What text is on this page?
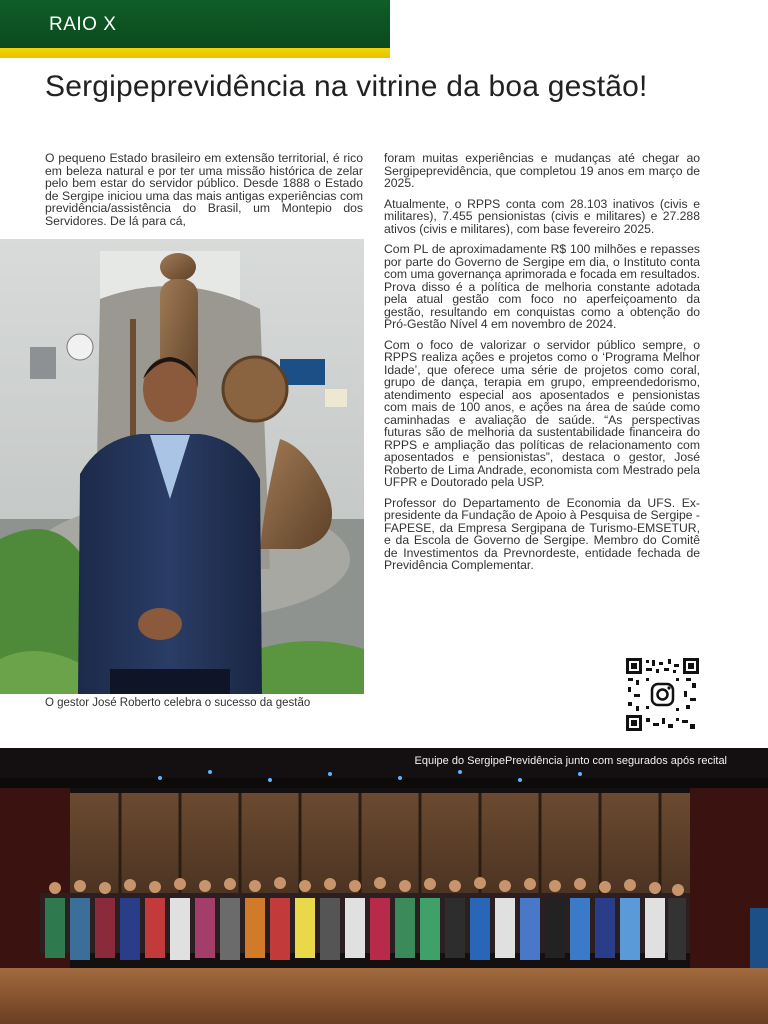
RAIO X
Sergipeprevidência na vitrine da boa gestão!

O pequeno Estado brasileiro em extensão territorial, é rico em beleza natural e por ter uma missão histórica de zelar pelo bem estar do servidor público. Desde 1888 o Estado de Sergipe iniciou uma das mais antigas experiências com previdência/assistência do Brasil, um Montepio dos Servidores. De lá para cá,

foram muitas experiências e mudanças até chegar ao Sergipeprevidência, que completou 19 anos em março de 2025.

Atualmente, o RPPS conta com 28.103 inativos (civis e militares), 7.455 pensionistas (civis e militares) e 27.288 ativos (civis e militares), com base fevereiro 2025.

Com PL de aproximadamente R$ 100 milhões e repasses por parte do Governo de Sergipe em dia, o Instituto conta com uma governança aprimorada e focada em resultados. Prova disso é a política de melhoria constante adotada pela atual gestão com foco no aperfeiçoamento da gestão, resultando em conquistas como a obtenção do Pró-Gestão Nível 4 em novembro de 2024.

Com o foco de valorizar o servidor público sempre, o RPPS realiza ações e projetos como o ‘Programa Melhor Idade’, que oferece uma série de projetos como coral, grupo de dança, terapia em grupo, empreendedorismo, atendimento especial aos aposentados e pensionistas com mais de 100 anos, e ações na área de saúde como caminhadas e avaliação de saúde. “As perspectivas futuras são de melhoria da sustentabilidade financeira do RPPS e ampliação das políticas de relacionamento com aposentados e pensionistas”, destaca o gestor, José Roberto de Lima Andrade, economista com Mestrado pela UFPR e Doutorado pela USP.

Professor do Departamento de Economia da UFS. Ex-presidente da Fundação de Apoio à Pesquisa de Sergipe - FAPESE, da Empresa Sergipana de Turismo-EMSETUR, e da Escola de Governo de Sergipe. Membro do Comitê de Investimentos da Prevnordeste, entidade fechada de Previdência Complementar.

O gestor José Roberto celebra o sucesso da gestão
Equipe do SergipePrevidência junto com segurados após recital
